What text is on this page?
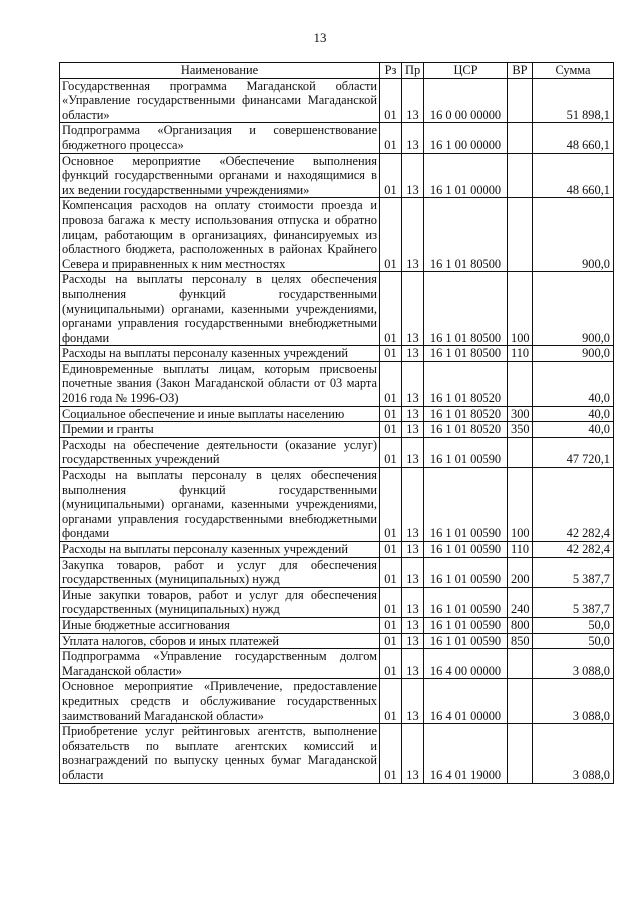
13
Наименование	Рз	Пр	ЦСР	ВР	Сумма
Государственная программа Магаданской области «Управление государственными финансами Магаданской области»	01	13	16 0 00 00000		51 898,1
Подпрограмма «Организация и совершенствование бюджетного процесса»	01	13	16 1 00 00000		48 660,1
Основное мероприятие «Обеспечение выполнения функций государственными органами и находящимися в их ведении государственными учреждениями»	01	13	16 1 01 00000		48 660,1
Компенсация расходов на оплату стоимости проезда и провоза багажа к месту использования отпуска и обратно лицам, работающим в организациях, финансируемых из областного бюджета, расположенных в районах Крайнего Севера и приравненных к ним местностях	01	13	16 1 01 80500		900,0
Расходы на выплаты персоналу в целях обеспечения выполнения функций государственными (муниципальными) органами, казенными учреждениями, органами управления государственными внебюджетными фондами	01	13	16 1 01 80500	100	900,0
Расходы на выплаты персоналу казенных учреждений	01	13	16 1 01 80500	110	900,0
Единовременные выплаты лицам, которым присвоены почетные звания (Закон Магаданской области от 03 марта 2016 года № 1996-ОЗ)	01	13	16 1 01 80520		40,0
Социальное обеспечение и иные выплаты населению	01	13	16 1 01 80520	300	40,0
Премии и гранты	01	13	16 1 01 80520	350	40,0
Расходы на обеспечение деятельности (оказание услуг) государственных учреждений	01	13	16 1 01 00590		47 720,1
Расходы на выплаты персоналу в целях обеспечения выполнения функций государственными (муниципальными) органами, казенными учреждениями, органами управления государственными внебюджетными фондами	01	13	16 1 01 00590	100	42 282,4
Расходы на выплаты персоналу казенных учреждений	01	13	16 1 01 00590	110	42 282,4
Закупка товаров, работ и услуг для обеспечения государственных (муниципальных) нужд	01	13	16 1 01 00590	200	5 387,7
Иные закупки товаров, работ и услуг для обеспечения государственных (муниципальных) нужд	01	13	16 1 01 00590	240	5 387,7
Иные бюджетные ассигнования	01	13	16 1 01 00590	800	50,0
Уплата налогов, сборов и иных платежей	01	13	16 1 01 00590	850	50,0
Подпрограмма «Управление государственным долгом Магаданской области»	01	13	16 4 00 00000		3 088,0
Основное мероприятие «Привлечение, предоставление кредитных средств и обслуживание государственных заимствований Магаданской области»	01	13	16 4 01 00000		3 088,0
Приобретение услуг рейтинговых агентств, выполнение обязательств по выплате агентских комиссий и вознаграждений по выпуску ценных бумаг Магаданской области	01	13	16 4 01 19000		3 088,0
